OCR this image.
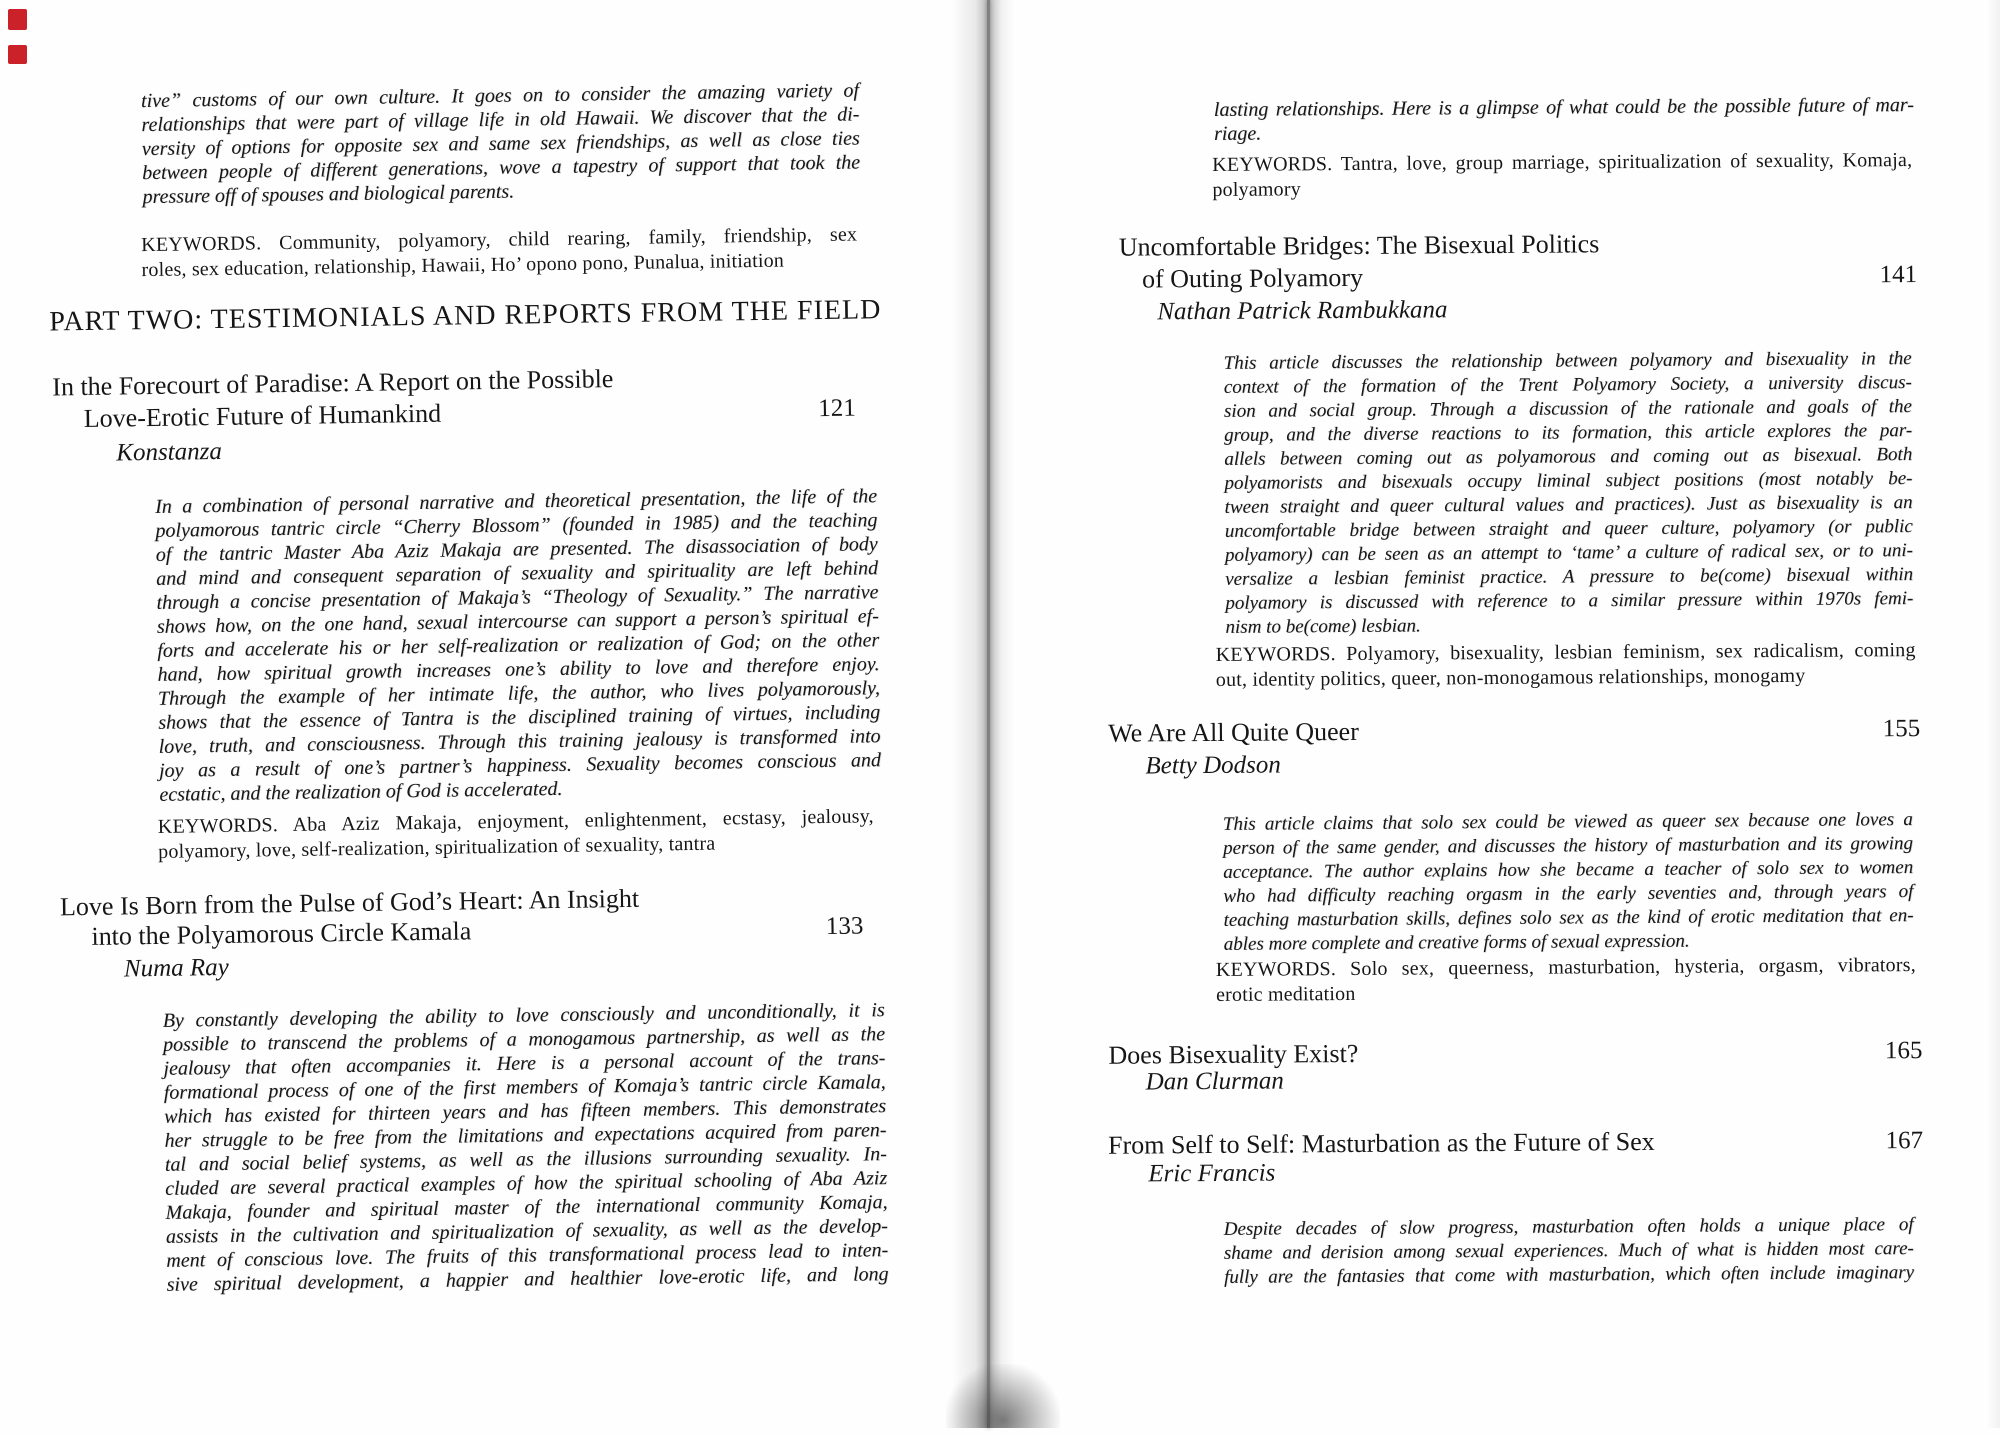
tive” customs of our own culture. It goes on to consider the amazing variety of
relationships that were part of village life in old Hawaii. We discover that the di-
versity of options for opposite sex and same sex friendships, as well as close ties
between people of different generations, wove a tapestry of support that took the
pressure off of spouses and biological parents.
KEYWORDS. Community, polyamory, child rearing, family, friendship, sex
roles, sex education, relationship, Hawaii, Ho’ opono pono, Punalua, initiation
PART TWO: TESTIMONIALS AND REPORTS FROM THE FIELD
In the Forecourt of Paradise: A Report on the Possible
Love-Erotic Future of Humankind	121
Konstanza
In a combination of personal narrative and theoretical presentation, the life of the
polyamorous tantric circle “Cherry Blossom” (founded in 1985) and the teaching
of the tantric Master Aba Aziz Makaja are presented. The disassociation of body
and mind and consequent separation of sexuality and spirituality are left behind
through a concise presentation of Makaja’s “Theology of Sexuality.” The narrative
shows how, on the one hand, sexual intercourse can support a person’s spiritual ef-
forts and accelerate his or her self-realization or realization of God; on the other
hand, how spiritual growth increases one’s ability to love and therefore enjoy.
Through the example of her intimate life, the author, who lives polyamorously,
shows that the essence of Tantra is the disciplined training of virtues, including
love, truth, and consciousness. Through this training jealousy is transformed into
joy as a result of one’s partner’s happiness. Sexuality becomes conscious and
ecstatic, and the realization of God is accelerated.
KEYWORDS. Aba Aziz Makaja, enjoyment, enlightenment, ecstasy, jealousy,
polyamory, love, self-realization, spiritualization of sexuality, tantra
Love Is Born from the Pulse of God’s Heart: An Insight
into the Polyamorous Circle Kamala	133
Numa Ray
By constantly developing the ability to love consciously and unconditionally, it is
possible to transcend the problems of a monogamous partnership, as well as the
jealousy that often accompanies it. Here is a personal account of the trans-
formational process of one of the first members of Komaja’s tantric circle Kamala,
which has existed for thirteen years and has fifteen members. This demonstrates
her struggle to be free from the limitations and expectations acquired from paren-
tal and social belief systems, as well as the illusions surrounding sexuality. In-
cluded are several practical examples of how the spiritual schooling of Aba Aziz
Makaja, founder and spiritual master of the international community Komaja,
assists in the cultivation and spiritualization of sexuality, as well as the develop-
ment of conscious love. The fruits of this transformational process lead to inten-
sive spiritual development, a happier and healthier love-erotic life, and long
lasting relationships. Here is a glimpse of what could be the possible future of mar-
riage.
KEYWORDS. Tantra, love, group marriage, spiritualization of sexuality, Komaja,
polyamory
Uncomfortable Bridges: The Bisexual Politics
of Outing Polyamory	141
Nathan Patrick Rambukkana
This article discusses the relationship between polyamory and bisexuality in the
context of the formation of the Trent Polyamory Society, a university discus-
sion and social group. Through a discussion of the rationale and goals of the
group, and the diverse reactions to its formation, this article explores the par-
allels between coming out as polyamorous and coming out as bisexual. Both
polyamorists and bisexuals occupy liminal subject positions (most notably be-
tween straight and queer cultural values and practices). Just as bisexuality is an
uncomfortable bridge between straight and queer culture, polyamory (or public
polyamory) can be seen as an attempt to ‘tame’ a culture of radical sex, or to uni-
versalize a lesbian feminist practice. A pressure to be(come) bisexual within
polyamory is discussed with reference to a similar pressure within 1970s femi-
nism to be(come) lesbian.
KEYWORDS. Polyamory, bisexuality, lesbian feminism, sex radicalism, coming
out, identity politics, queer, non-monogamous relationships, monogamy
We Are All Quite Queer	155
Betty Dodson
This article claims that solo sex could be viewed as queer sex because one loves a
person of the same gender, and discusses the history of masturbation and its growing
acceptance. The author explains how she became a teacher of solo sex to women
who had difficulty reaching orgasm in the early seventies and, through years of
teaching masturbation skills, defines solo sex as the kind of erotic meditation that en-
ables more complete and creative forms of sexual expression.
KEYWORDS. Solo sex, queerness, masturbation, hysteria, orgasm, vibrators,
erotic meditation
Does Bisexuality Exist?	165
Dan Clurman
From Self to Self: Masturbation as the Future of Sex	167
Eric Francis
Despite decades of slow progress, masturbation often holds a unique place of
shame and derision among sexual experiences. Much of what is hidden most care-
fully are the fantasies that come with masturbation, which often include imaginary
